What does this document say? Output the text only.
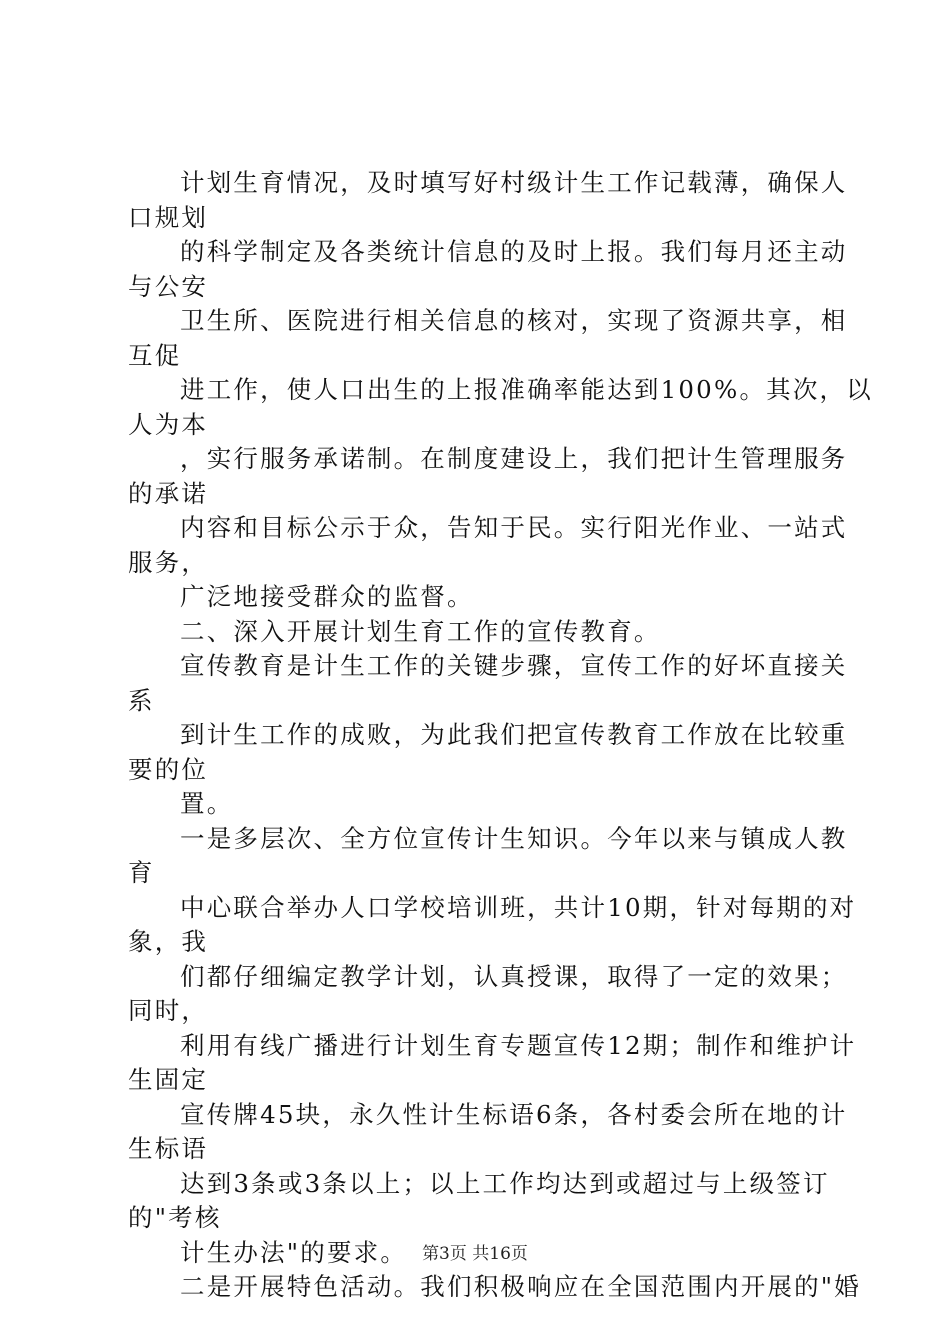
计划生育情况，及时填写好村级计生工作记载薄，确保人
口规划
的科学制定及各类统计信息的及时上报。我们每月还主动
与公安
卫生所、医院进行相关信息的核对，实现了资源共享，相
互促
进工作，使人口出生的上报准确率能达到100%。其次，以
人为本
，实行服务承诺制。在制度建设上，我们把计生管理服务
的承诺
内容和目标公示于众，告知于民。实行阳光作业、一站式
服务，
广泛地接受群众的监督。
二、深入开展计划生育工作的宣传教育。
宣传教育是计生工作的关键步骤，宣传工作的好坏直接关
系
到计生工作的成败，为此我们把宣传教育工作放在比较重
要的位
置。
一是多层次、全方位宣传计生知识。今年以来与镇成人教
育
中心联合举办人口学校培训班，共计10期，针对每期的对
象，我
们都仔细编定教学计划，认真授课，取得了一定的效果；
同时，
利用有线广播进行计划生育专题宣传12期；制作和维护计
生固定
宣传牌45块，永久性计生标语6条，各村委会所在地的计
生标语
达到3条或3条以上；以上工作均达到或超过与上级签订
的"考核
计生办法"的要求。
二是开展特色活动。我们积极响应在全国范围内开展的"婚
第3页 共16页
